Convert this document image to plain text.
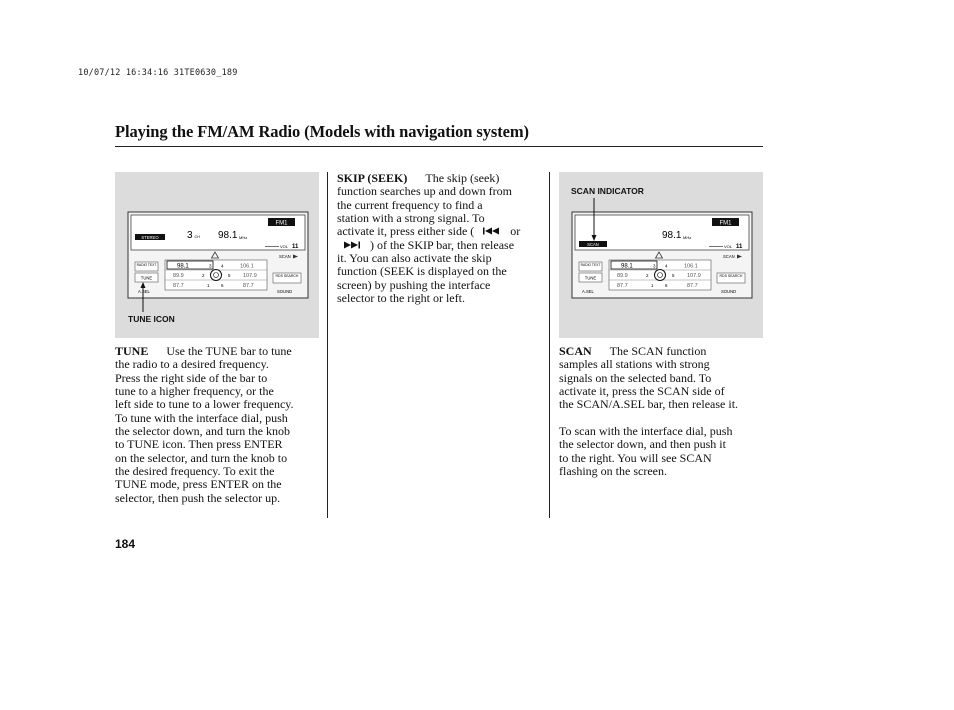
10/07/12 16:34:16 31TE0630_189
Playing the FM/AM Radio (Models with navigation system)
FM1
STEREO	3 CH 98.1 MHz
VOL 11
SCAN
RADIO TEXT
TUNE
A.SEL
98.1
89.9
87.7
3
2
1
4
5
6
106.1
107.9
87.7
RDS SEARCH
SOUND
TUNE ICON
FM1
SCAN
98.1 MHz
VOL 11
SCAN
RADIO TEXT
TUNE
A.SEL
98.1
89.9
87.7
3
2
1
4
5
6
106.1
107.9
87.7
RDS SEARCH
SOUND
SCAN INDICATOR
TUNE Use the TUNE bar to tune
the radio to a desired frequency.
Press the right side of the bar to
tune to a higher frequency, or the
left side to tune to a lower frequency.
To tune with the interface dial, push
the selector down, and turn the knob
to TUNE icon. Then press ENTER
on the selector, and turn the knob to
the desired frequency. To exit the
TUNE mode, press ENTER on the
selector, then push the selector up.
SKIP (SEEK) The skip (seek)
function searches up and down from
the current frequency to find a
station with a strong signal. To
activate it, press either side (	or
) of the SKIP bar, then release
it. You can also activate the skip
function (SEEK is displayed on the
screen) by pushing the interface
selector to the right or left.
SCAN The SCAN function
samples all stations with strong
signals on the selected band. To
activate it, press the SCAN side of
the SCAN/A.SEL bar, then release it.
To scan with the interface dial, push
the selector down, and then push it
to the right. You will see SCAN
flashing on the screen.
184
